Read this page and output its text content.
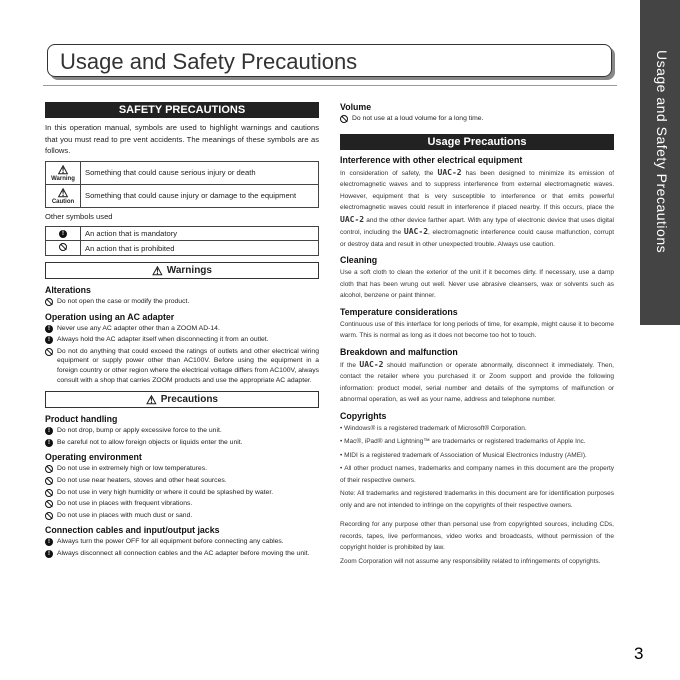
Usage and Safety Precautions
Usage and Safety Precautions
SAFETY PRECAUTIONS

In this operation manual, symbols are used to highlight warnings and cautions that you must read to pre vent accidents. The meanings of these symbols are as follows.

⚠
Warning	Something that could cause serious injury or death

⚠
Caution	Something that could cause injury or damage to the equipment

Other symbols used

!	An action that is mandatory

	An action that is prohibited
⚠ Warnings
Alterations
Do not open the case or modify the product.
Operation using an AC adapter
!	Never use any AC adapter other than a ZOOM AD-14.
!	Always hold the AC adapter itself when disconnecting it from an outlet.
Do not do anything that could exceed the ratings of outlets and other electrical wiring equipment or supply power other than AC100V. Before using the equipment in a foreign country or other region where the electrical voltage differs from AC100V, always consult with a shop that carries ZOOM products and use the appropriate AC adapter.
⚠ Precautions
Product handling
!	Do not drop, bump or apply excessive force to the unit.
!	Be careful not to allow foreign objects or liquids enter the unit.
Operating environment
Do not use in extremely high or low temperatures.
Do not use near heaters, stoves and other heat sources.
Do not use in very high humidity or where it could be splashed by water.
Do not use in places with frequent vibrations.
Do not use in places with much dust or sand.
Connection cables and input/output jacks
!	Always turn the power OFF for all equipment before connecting any cables.
!	Always disconnect all connection cables and the AC adapter before moving the unit.
Volume
Do not use at a loud volume for a long time.
Usage Precautions
Interference with other electrical equipment

In consideration of safety, the UAC-2 has been designed to minimize its emission of electromagnetic waves and to suppress interference from external electromagnetic waves. However, equipment that is very susceptible to interference or that emits powerful electromagnetic waves could result in interference if placed nearby. If this occurs, place the UAC-2 and the other device farther apart. With any type of electronic device that uses digital control, including the UAC-2, electromagnetic interference could cause malfunction, corrupt or destroy data and result in other unexpected trouble. Always use caution.

Cleaning

Use a soft cloth to clean the exterior of the unit if it becomes dirty. If necessary, use a damp cloth that has been wrung out well. Never use abrasive cleansers, wax or solvents such as alcohol, benzene or paint thinner.

Temperature considerations

Continuous use of this interface for long periods of time, for example, might cause it to become warm. This is normal as long as it does not become too hot to touch.

Breakdown and malfunction

If the UAC-2 should malfunction or operate abnormally, disconnect it immediately. Then, contact the retailer where you purchased it or Zoom support and provide the following information: product model, serial number and details of the symptoms of malfunction or abnormal operation, as well as your name, address and telephone number.

Copyrights

• Windows® is a registered trademark of Microsoft® Corporation.

• Mac®, iPad® and Lightning™ are trademarks or registered trademarks of Apple Inc.

• MIDI is a registered trademark of Association of Musical Electronics Industry (AMEI).

• All other product names, trademarks and company names in this document are the property of their respective owners.

Note: All trademarks and registered trademarks in this document are for identification purposes only and are not intended to infringe on the copyrights of their respective owners.

Recording for any purpose other than personal use from copyrighted sources, including CDs, records, tapes, live performances, video works and broadcasts, without permission of the copyright holder is prohibited by law.

Zoom Corporation will not assume any responsibility related to infringements of copyrights.

3
